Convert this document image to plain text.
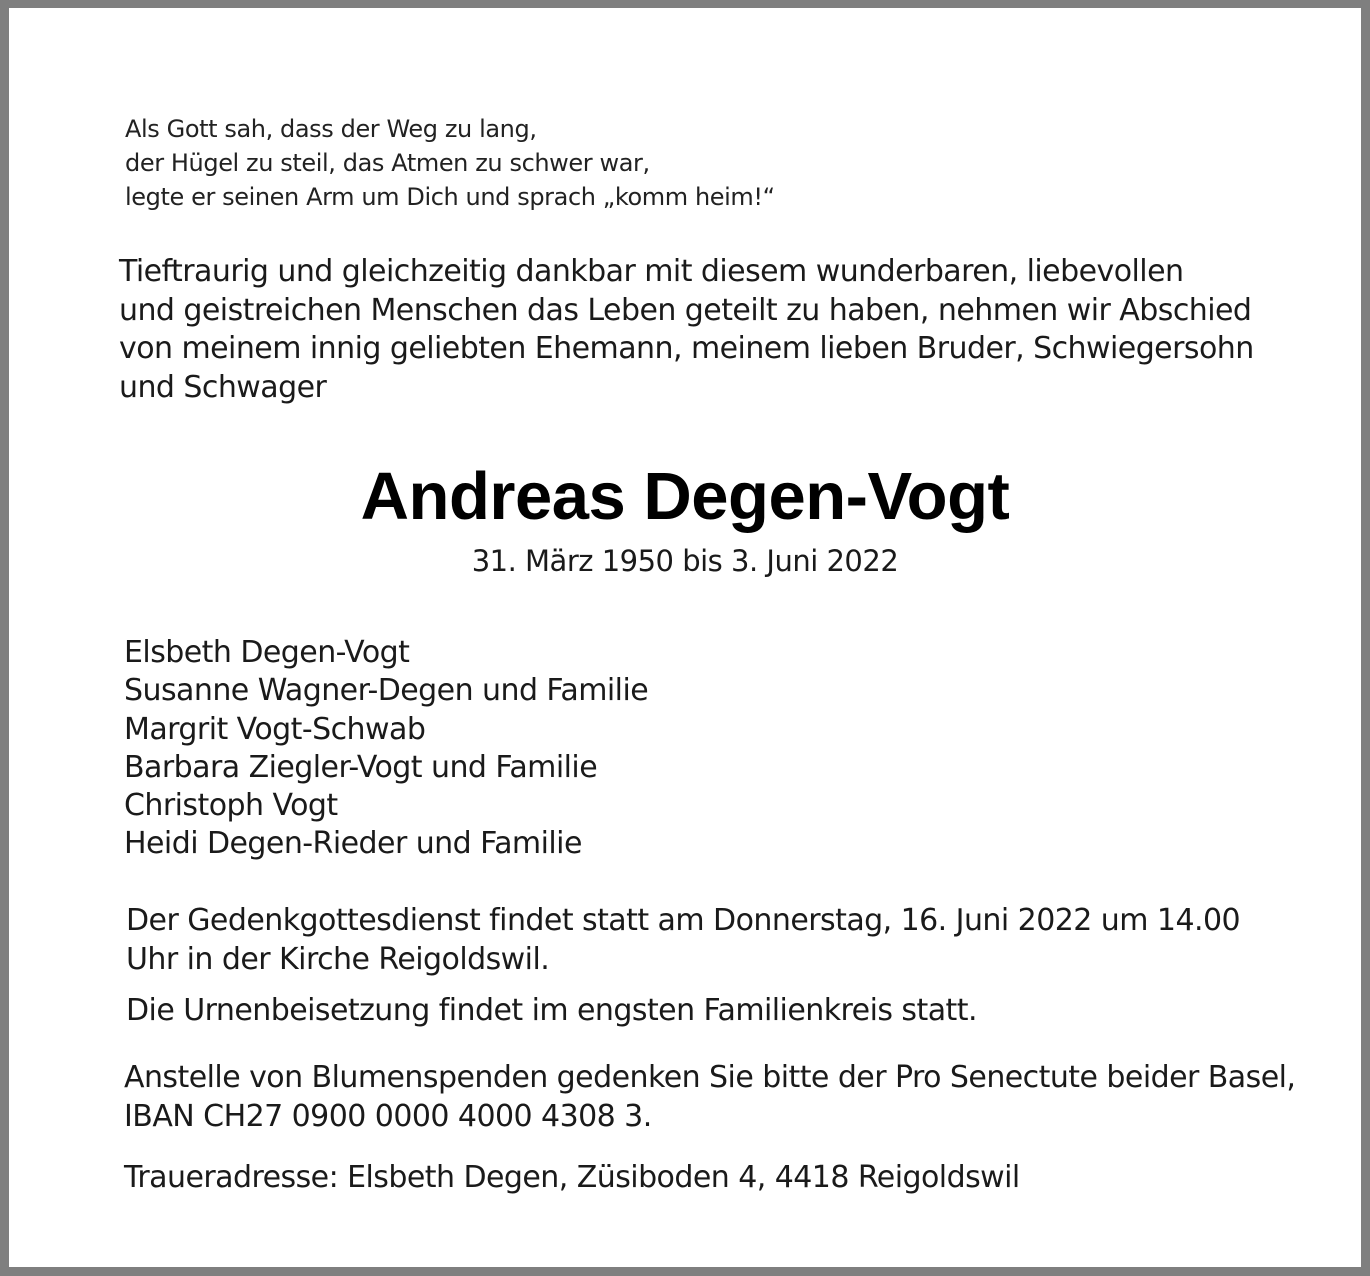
Als Gott sah, dass der Weg zu lang,
der Hügel zu steil, das Atmen zu schwer war,
legte er seinen Arm um Dich und sprach „komm heim!“
Tieftraurig und gleichzeitig dankbar mit diesem wunderbaren, liebevollen
und geistreichen Menschen das Leben geteilt zu haben, nehmen wir Abschied
von meinem innig geliebten Ehemann, meinem lieben Bruder, Schwiegersohn
und Schwager
Andreas Degen-Vogt
31. März 1950 bis 3. Juni 2022
Elsbeth Degen-Vogt
Susanne Wagner-Degen und Familie
Margrit Vogt-Schwab
Barbara Ziegler-Vogt und Familie
Christoph Vogt
Heidi Degen-Rieder und Familie
Der Gedenkgottesdienst findet statt am Donnerstag, 16. Juni 2022 um 14.00
Uhr in der Kirche Reigoldswil.
Die Urnenbeisetzung findet im engsten Familienkreis statt.
Anstelle von Blumenspenden gedenken Sie bitte der Pro Senectute beider Basel,
IBAN CH27 0900 0000 4000 4308 3.
Traueradresse: Elsbeth Degen, Züsiboden 4, 4418 Reigoldswil
